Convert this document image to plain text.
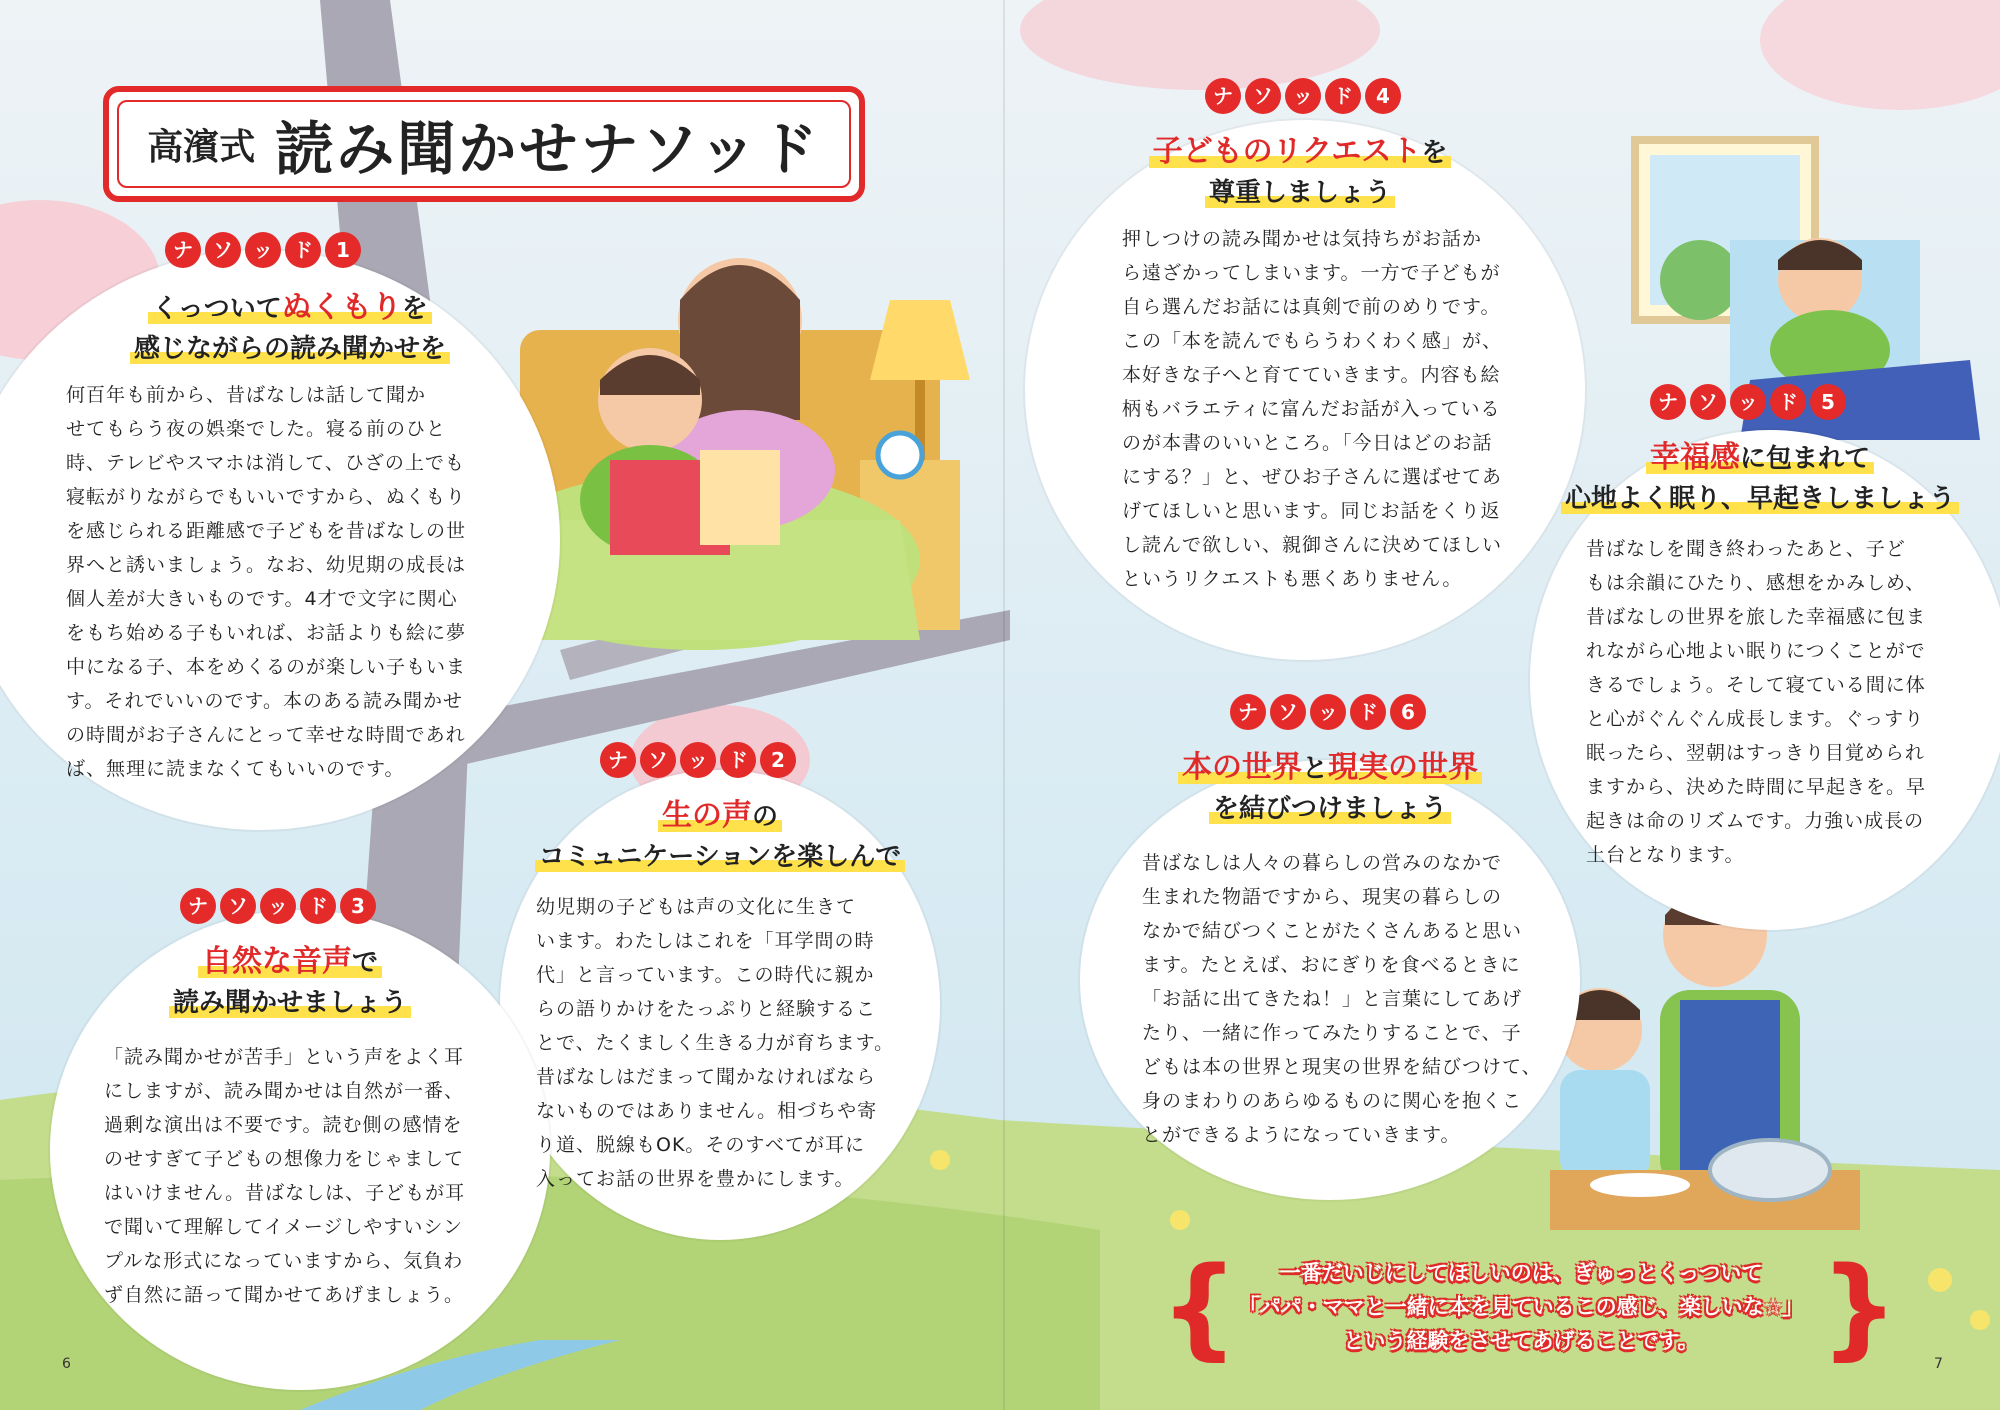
高濱式 読み聞かせナソッド
ナ	ソ	ッ	ド	1
くっついてぬくもりを
感じながらの読み聞かせを
何百年も前から、昔ばなしは話して聞か
せてもらう夜の娯楽でした。寝る前のひと
時、テレビやスマホは消して、ひざの上でも
寝転がりながらでもいいですから、ぬくもり
を感じられる距離感で子どもを昔ばなしの世
界へと誘いましょう。なお、幼児期の成長は
個人差が大きいものです。4才で文字に関心
をもち始める子もいれば、お話よりも絵に夢
中になる子、本をめくるのが楽しい子もいま
す。それでいいのです。本のある読み聞かせ
の時間がお子さんにとって幸せな時間であれ
ば、無理に読まなくてもいいのです。	ナ	ソ	ッ	ド	2
生の声の
コミュニケーションを楽しんで
幼児期の子どもは声の文化に生きて
います。わたしはこれを「耳学問の時
代」と言っています。この時代に親か
らの語りかけをたっぷりと経験するこ
とで、たくましく生きる力が育ちます。
昔ばなしはだまって聞かなければなら
ないものではありません。相づちや寄
り道、脱線もOK。そのすべてが耳に
入ってお話の世界を豊かにします。
ナ	ソ	ッ	ド	3
自然な音声で
読み聞かせましょう
「読み聞かせが苦手」という声をよく耳
にしますが、読み聞かせは自然が一番、
過剰な演出は不要です。読む側の感情を
のせすぎて子どもの想像力をじゃまして
はいけません。昔ばなしは、子どもが耳
で聞いて理解してイメージしやすいシン
プルな形式になっていますから、気負わ
ず自然に語って聞かせてあげましょう。
ナ	ソ	ッ	ド	4
子どものリクエストを
尊重しましょう
押しつけの読み聞かせは気持ちがお話か
ら遠ざかってしまいます。一方で子どもが
自ら選んだお話には真剣で前のめりです。
この「本を読んでもらうわくわく感」が、
本好きな子へと育てていきます。内容も絵
柄もバラエティに富んだお話が入っている
のが本書のいいところ。「今日はどのお話
にする？」と、ぜひお子さんに選ばせてあ
げてほしいと思います。同じお話をくり返
し読んで欲しい、親御さんに決めてほしい
というリクエストも悪くありません。
ナ	ソ	ッ	ド	5
幸福感に包まれて
心地よく眠り、早起きしましょう
昔ばなしを聞き終わったあと、子ど
もは余韻にひたり、感想をかみしめ、
昔ばなしの世界を旅した幸福感に包ま
れながら心地よい眠りにつくことがで
きるでしょう。そして寝ている間に体
と心がぐんぐん成長します。ぐっすり
眠ったら、翌朝はすっきり目覚められ
ますから、決めた時間に早起きを。早
起きは命のリズムです。力強い成長の
土台となります。
ナ	ソ	ッ	ド	6
本の世界と現実の世界
を結びつけましょう
昔ばなしは人々の暮らしの営みのなかで
生まれた物語ですから、現実の暮らしの
なかで結びつくことがたくさんあると思い
ます。たとえば、おにぎりを食べるときに
「お話に出てきたね！」と言葉にしてあげ
たり、一緒に作ってみたりすることで、子
どもは本の世界と現実の世界を結びつけて、
身のまわりのあらゆるものに関心を抱くこ
とができるようになっていきます。
{	}
一番だいじにしてほしいのは、ぎゅっとくっついて
「パパ・ママと一緒に本を見ているこの感じ、楽しいな☆」
という経験をさせてあげることです。
6	7
